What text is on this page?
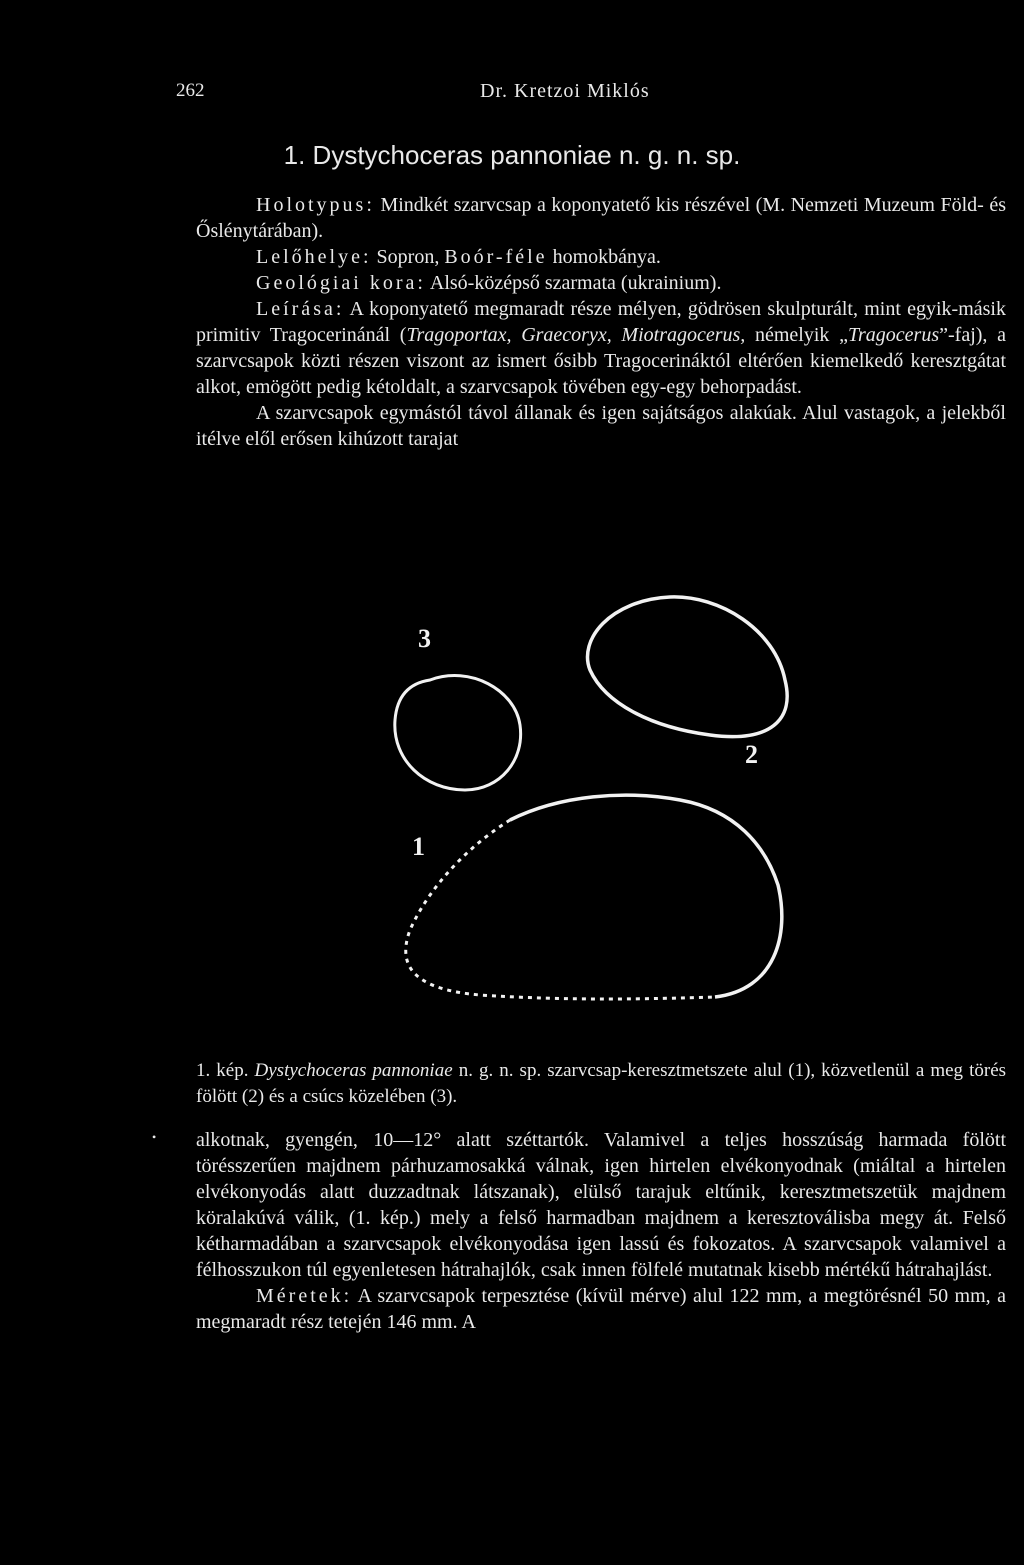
262	Dr. Kretzoi Miklós
1. Dystychoceras pannoniae n. g. n. sp.

Holotypus: Mindkét szarvcsap a koponyatető kis részével (M. Nemzeti Muzeum Föld- és Őslénytárában).

Lelőhelye: Sopron, Boór-féle homokbánya.

Geológiai kora: Alsó-középső szarmata (ukrainium).

Leírása: A koponyatető megmaradt része mélyen, gödrösen skulpturált, mint egyik-másik primitiv Tragocerinánál (Tragoportax, Graecoryx, Miotragocerus, némelyik „Tragocerus”-faj), a szarvcsapok közti részen viszont az ismert ősibb Tragocerináktól eltérően kiemelkedő keresztgátat alkot, emögött pedig kétoldalt, a szarvcsapok tövében egy-egy behorpadást.

A szarvcsapok egymástól távol állanak és igen sajátságos alakúak. Alul vastagok, a jelekből itélve elől erősen kihúzott tarajat

3
2
1

1. kép. Dystychoceras pannoniae n. g. n. sp. szarvcsap-keresztmetszete alul (1), közvetlenül a meg törés fölött (2) és a csúcs közelében (3).

• alkotnak, gyengén, 10—12° alatt széttartók. Valamivel a teljes hosszúság harmada fölött törésszerűen majdnem párhuzamosakká válnak, igen hirtelen elvékonyodnak (miáltal a hirtelen elvékonyodás alatt duzzadtnak látszanak), elülső tarajuk eltűnik, keresztmetszetük majdnem köralakúvá válik, (1. kép.) mely a felső harmadban majdnem a keresztoválisba megy át. Felső kétharmadában a szarvcsapok elvékonyodása igen lassú és fokozatos. A szarvcsapok valamivel a félhosszukon túl egyenletesen hátrahajlók, csak innen fölfelé mutatnak kisebb mértékű hátrahajlást.

Méretek: A szarvcsapok terpesztése (kívül mérve) alul 122 mm, a megtörésnél 50 mm, a megmaradt rész tetején 146 mm. A
